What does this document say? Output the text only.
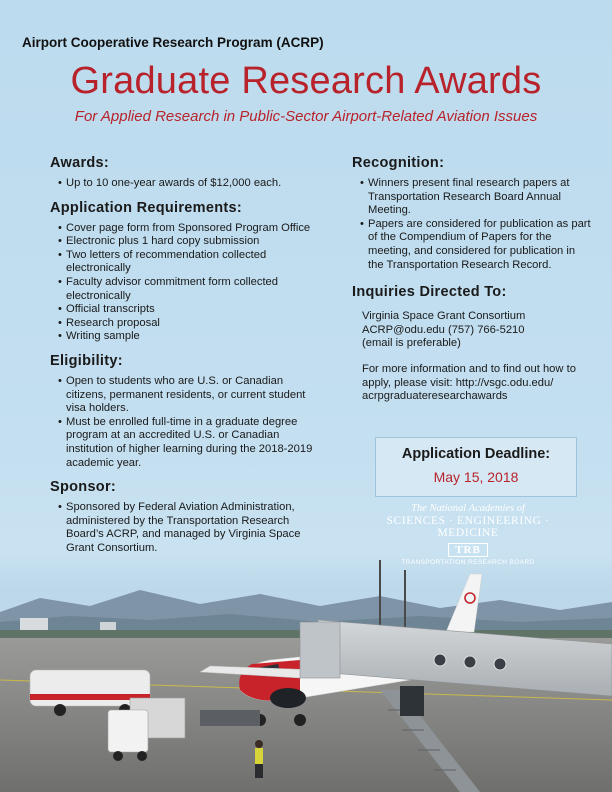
Airport Cooperative Research Program (ACRP)
Graduate Research Awards
For Applied Research in Public-Sector Airport-Related Aviation Issues
Awards:
• Up to 10 one-year awards of $12,000 each.
Application Requirements:
• Cover page form from Sponsored Program Office
• Electronic plus 1 hard copy submission
• Two letters of recommendation collected electronically
• Faculty advisor commitment form collected electronically
• Official transcripts
• Research proposal
• Writing sample
Eligibility:
• Open to students who are U.S. or Canadian citizens, permanent residents, or current student visa holders.
• Must be enrolled full-time in a graduate degree program at an accredited U.S. or Canadian institution of higher learning during the 2018-2019 academic year.
Sponsor:
• Sponsored by Federal Aviation Administration, administered by the Transportation Research Board’s ACRP, and managed by Virginia Space Grant Consortium.
Recognition:
• Winners present final research papers at Transportation Research Board Annual Meeting.
• Papers are considered for publication as part of the Compendium of Papers for the meeting, and considered for publication in the Transportation Research Record.
Inquiries Directed To:

Virginia Space Grant Consortium

ACRP@odu.edu (757) 766-5210

(email is preferable)

For more information and to find out how to apply, please visit: http://vsgc.odu.edu/ acrpgraduateresearchawards

Application Deadline:
May 15, 2018
The National Academies of
SCIENCES · ENGINEERING · MEDICINE
TRB
